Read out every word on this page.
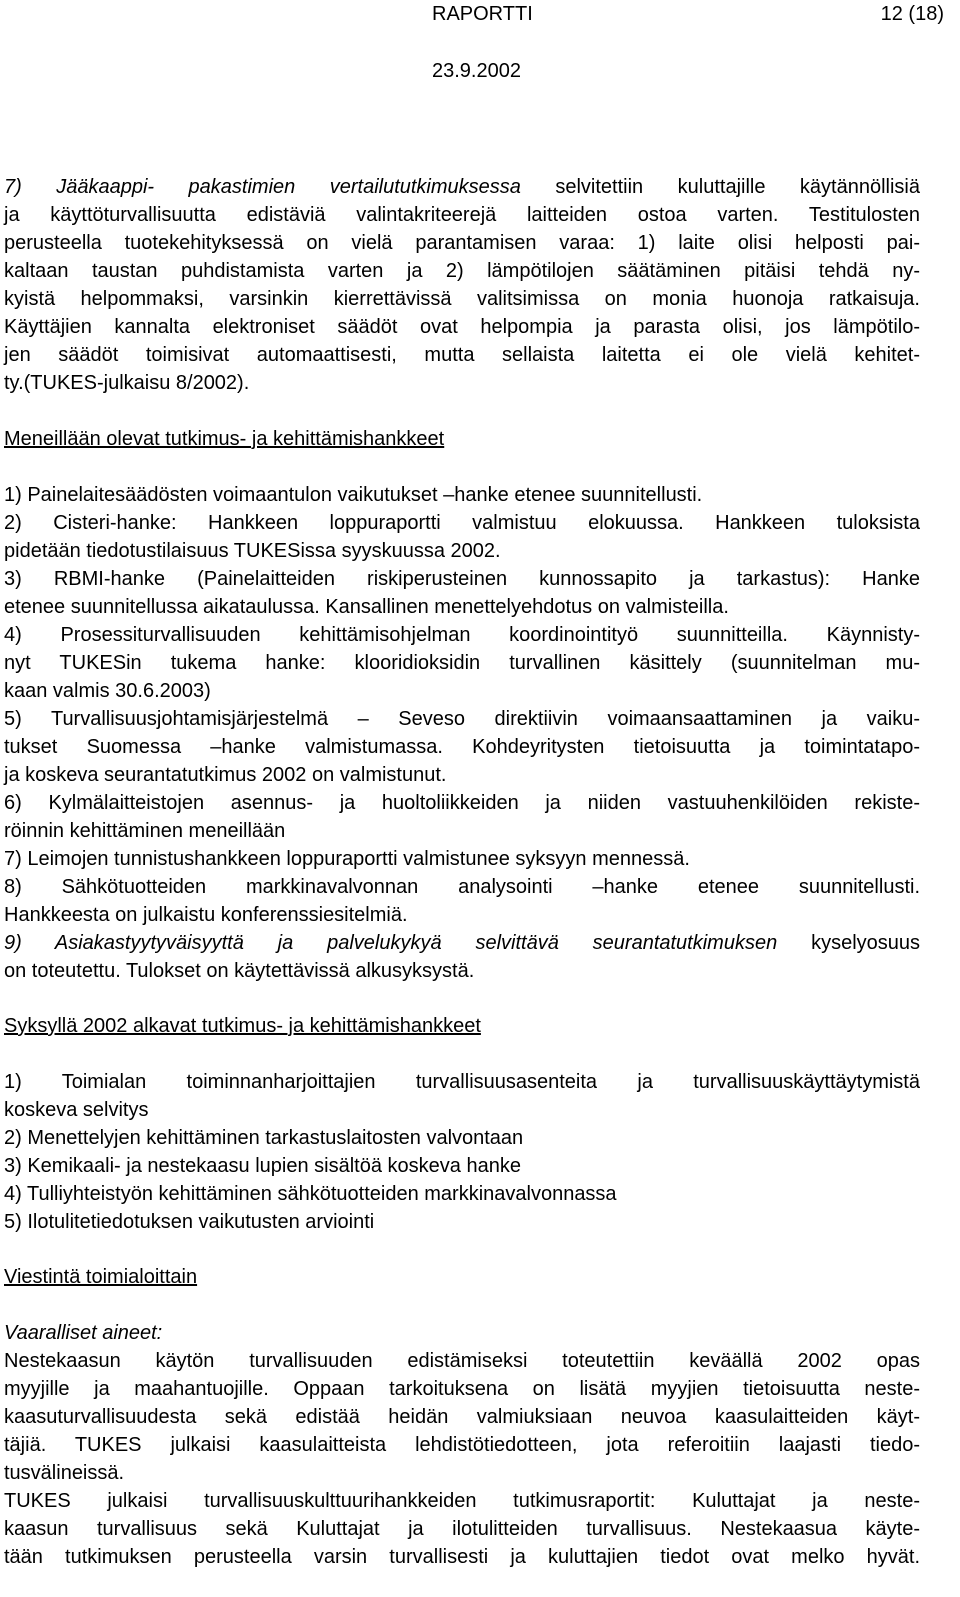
RAPORTTI	12 (18)
23.9.2002
7) Jääkaappi- pakastimien vertailututkimuksessa selvitettiin kuluttajille käytännöllisiä
ja käyttöturvallisuutta edistäviä valintakriteerejä laitteiden ostoa varten. Testitulosten
perusteella tuotekehityksessä on vielä parantamisen varaa: 1) laite olisi helposti pai-
kaltaan taustan puhdistamista varten ja 2) lämpötilojen säätäminen pitäisi tehdä ny-
kyistä helpommaksi, varsinkin kierrettävissä valitsimissa on monia huonoja ratkaisuja.
Käyttäjien kannalta elektroniset säädöt ovat helpompia ja parasta olisi, jos lämpötilo-
jen säädöt toimisivat automaattisesti, mutta sellaista laitetta ei ole vielä kehitet-
ty.(TUKES-julkaisu 8/2002).
Meneillään olevat tutkimus- ja kehittämishankkeet
1) Painelaitesäädösten voimaantulon vaikutukset –hanke etenee suunnitellusti.
2) Cisteri-hanke: Hankkeen loppuraportti valmistuu elokuussa. Hankkeen tuloksista
pidetään tiedotustilaisuus TUKESissa syyskuussa 2002.
3) RBMI-hanke (Painelaitteiden riskiperusteinen kunnossapito ja tarkastus): Hanke
etenee suunnitellussa aikataulussa. Kansallinen menettelyehdotus on valmisteilla.
4) Prosessiturvallisuuden kehittämisohjelman koordinointityö suunnitteilla. Käynnisty-
nyt TUKESin tukema hanke: klooridioksidin turvallinen käsittely (suunnitelman mu-
kaan valmis 30.6.2003)
5) Turvallisuusjohtamisjärjestelmä – Seveso direktiivin voimaansaattaminen ja vaiku-
tukset Suomessa –hanke valmistumassa. Kohdeyritysten tietoisuutta ja toimintatapo-
ja koskeva seurantatutkimus 2002 on valmistunut.
6) Kylmälaitteistojen asennus- ja huoltoliikkeiden ja niiden vastuuhenkilöiden rekiste-
röinnin kehittäminen meneillään
7) Leimojen tunnistushankkeen loppuraportti valmistunee syksyyn mennessä.
8) Sähkötuotteiden markkinavalvonnan analysointi –hanke etenee suunnitellusti.
Hankkeesta on julkaistu konferenssiesitelmiä.
9) Asiakastyytyväisyyttä ja palvelukykyä selvittävä seurantatutkimuksen kyselyosuus
on toteutettu. Tulokset on käytettävissä alkusyksystä.
Syksyllä 2002 alkavat tutkimus- ja kehittämishankkeet
1) Toimialan toiminnanharjoittajien turvallisuusasenteita ja turvallisuuskäyttäytymistä
koskeva selvitys
2) Menettelyjen kehittäminen tarkastuslaitosten valvontaan
3) Kemikaali- ja nestekaasu lupien sisältöä koskeva hanke
4) Tulliyhteistyön kehittäminen sähkötuotteiden markkinavalvonnassa
5) Ilotulitetiedotuksen vaikutusten arviointi
Viestintä toimialoittain
Vaaralliset aineet:
Nestekaasun käytön turvallisuuden edistämiseksi toteutettiin keväällä 2002 opas
myyjille ja maahantuojille. Oppaan tarkoituksena on lisätä myyjien tietoisuutta neste-
kaasuturvallisuudesta sekä edistää heidän valmiuksiaan neuvoa kaasulaitteiden käyt-
täjiä. TUKES julkaisi kaasulaitteista lehdistötiedotteen, jota referoitiin laajasti tiedo-
tusvälineissä.
TUKES julkaisi turvallisuuskulttuurihankkeiden tutkimusraportit: Kuluttajat ja neste-
kaasun turvallisuus sekä Kuluttajat ja ilotulitteiden turvallisuus. Nestekaasua käyte-
tään tutkimuksen perusteella varsin turvallisesti ja kuluttajien tiedot ovat melko hyvät.
